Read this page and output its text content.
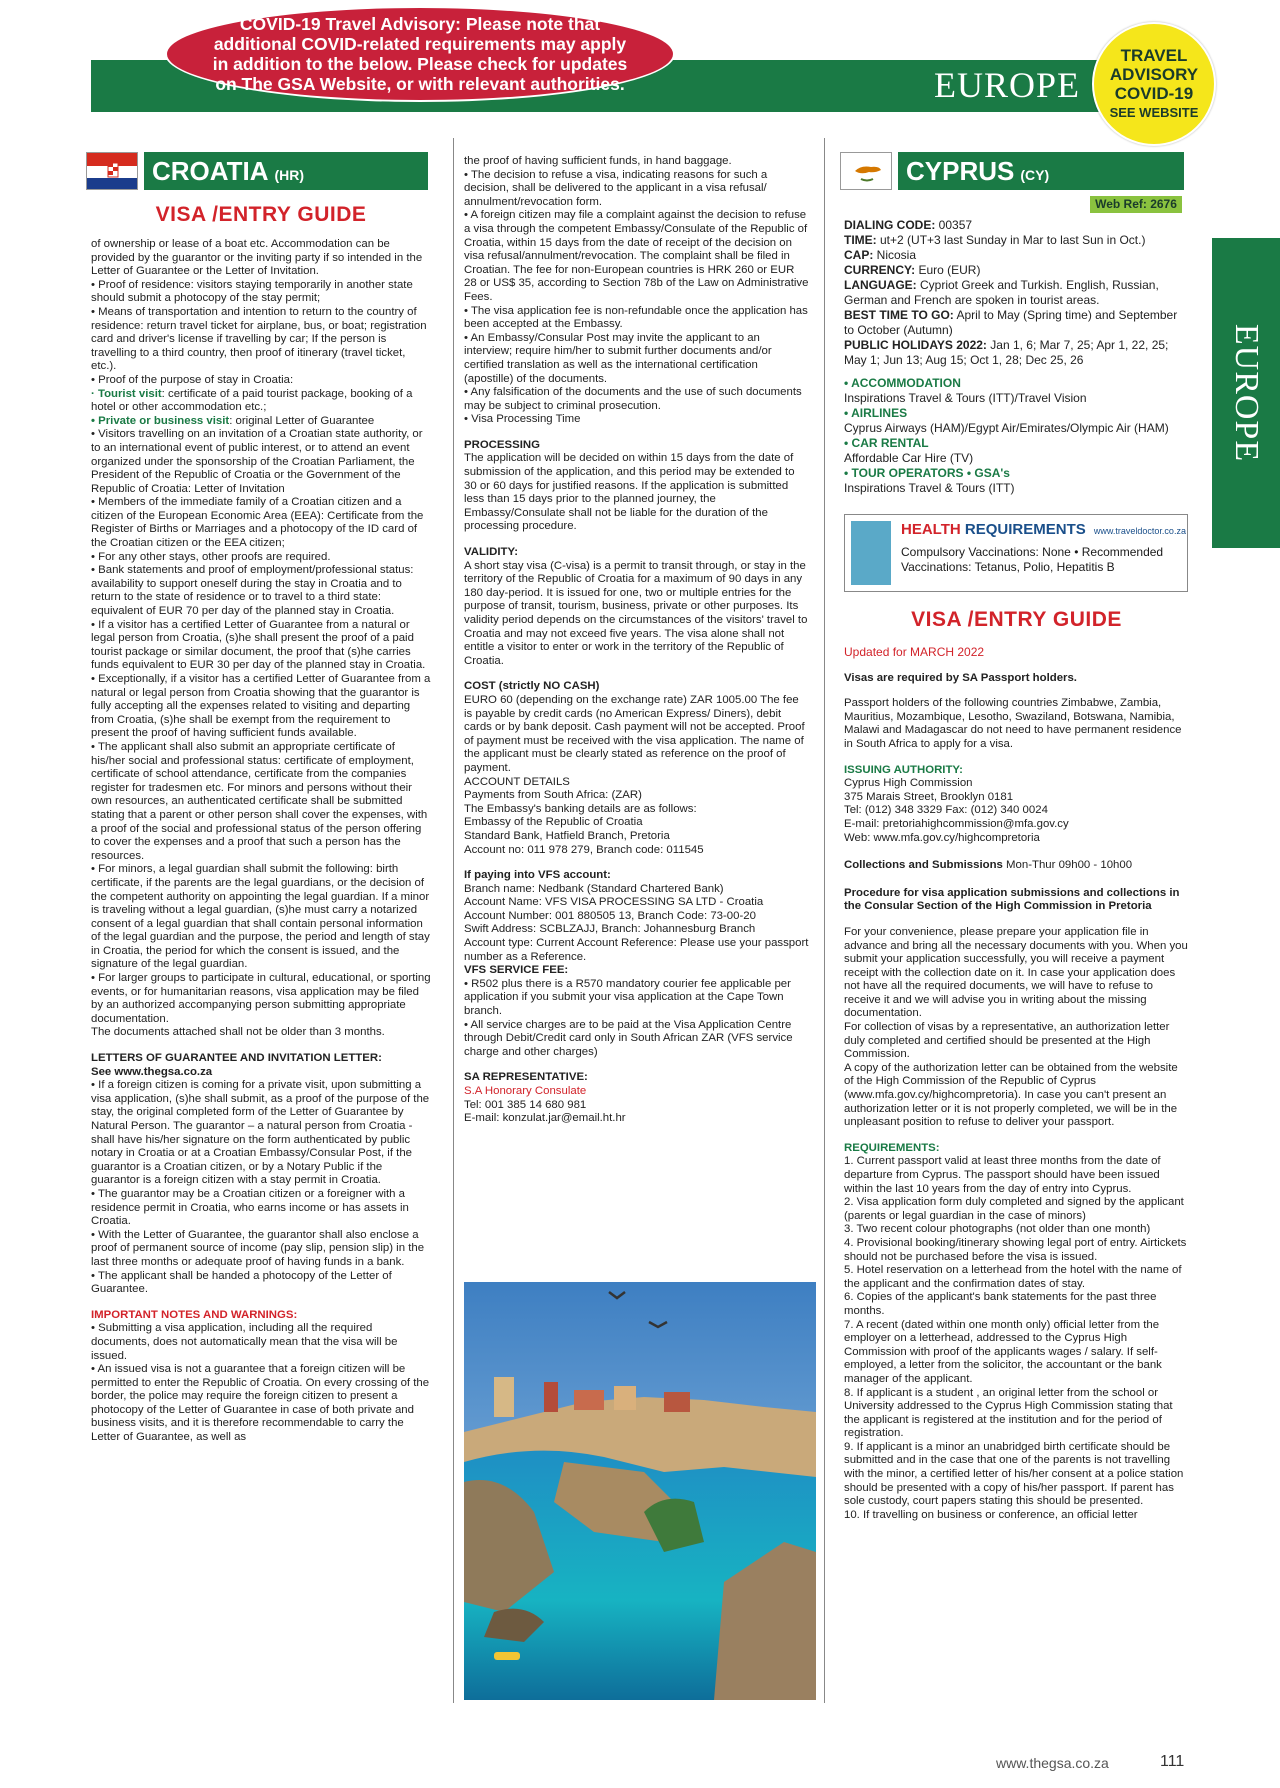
EUROPE
COVID-19 Travel Advisory: Please note that additional COVID-related requirements may apply in addition to the below. Please check for updates on The GSA Website, or with relevant authorities.
TRAVEL
ADVISORY
COVID-19
SEE WEBSITE
EUROPE
CROATIA (HR)
VISA /ENTRY GUIDE

of ownership or lease of a boat etc. Accommodation can be provided by the guarantor or the inviting party if so intended in the Letter of Guarantee or the Letter of Invitation.

• Proof of residence: visitors staying temporarily in another state should submit a photocopy of the stay permit;

• Means of transportation and intention to return to the country of residence: return travel ticket for airplane, bus, or boat; registration card and driver's license if travelling by car; If the person is travelling to a third country, then proof of itinerary (travel ticket, etc.).

• Proof of the purpose of stay in Croatia:

· Tourist visit: certificate of a paid tourist package, booking of a hotel or other accommodation etc.;

• Private or business visit: original Letter of Guarantee

• Visitors travelling on an invitation of a Croatian state authority, or to an international event of public interest, or to attend an event organized under the sponsorship of the Croatian Parliament, the President of the Republic of Croatia or the Government of the Republic of Croatia: Letter of Invitation

• Members of the immediate family of a Croatian citizen and a citizen of the European Economic Area (EEA): Certificate from the Register of Births or Marriages and a photocopy of the ID card of the Croatian citizen or the EEA citizen;

• For any other stays, other proofs are required.

• Bank statements and proof of employment/professional status: availability to support oneself during the stay in Croatia and to return to the state of residence or to travel to a third state: equivalent of EUR 70 per day of the planned stay in Croatia.

• If a visitor has a certified Letter of Guarantee from a natural or legal person from Croatia, (s)he shall present the proof of a paid tourist package or similar document, the proof that (s)he carries funds equivalent to EUR 30 per day of the planned stay in Croatia.

• Exceptionally, if a visitor has a certified Letter of Guarantee from a natural or legal person from Croatia showing that the guarantor is fully accepting all the expenses related to visiting and departing from Croatia, (s)he shall be exempt from the requirement to present the proof of having sufficient funds available.

• The applicant shall also submit an appropriate certificate of his/her social and professional status: certificate of employment, certificate of school attendance, certificate from the companies register for tradesmen etc. For minors and persons without their own resources, an authenticated certificate shall be submitted stating that a parent or other person shall cover the expenses, with a proof of the social and professional status of the person offering to cover the expenses and a proof that such a person has the resources.

• For minors, a legal guardian shall submit the following: birth certificate, if the parents are the legal guardians, or the decision of the competent authority on appointing the legal guardian. If a minor is traveling without a legal guardian, (s)he must carry a notarized consent of a legal guardian that shall contain personal information of the legal guardian and the purpose, the period and length of stay in Croatia, the period for which the consent is issued, and the signature of the legal guardian.

• For larger groups to participate in cultural, educational, or sporting events, or for humanitarian reasons, visa application may be filed by an authorized accompanying person submitting appropriate documentation.

The documents attached shall not be older than 3 months.

LETTERS OF GUARANTEE AND INVITATION LETTER:

See www.thegsa.co.za

• If a foreign citizen is coming for a private visit, upon submitting a visa application, (s)he shall submit, as a proof of the purpose of the stay, the original completed form of the Letter of Guarantee by Natural Person. The guarantor – a natural person from Croatia - shall have his/her signature on the form authenticated by public notary in Croatia or at a Croatian Embassy/Consular Post, if the guarantor is a Croatian citizen, or by a Notary Public if the guarantor is a foreign citizen with a stay permit in Croatia.

• The guarantor may be a Croatian citizen or a foreigner with a residence permit in Croatia, who earns income or has assets in Croatia.

• With the Letter of Guarantee, the guarantor shall also enclose a proof of permanent source of income (pay slip, pension slip) in the last three months or adequate proof of having funds in a bank.

• The applicant shall be handed a photocopy of the Letter of Guarantee.

IMPORTANT NOTES AND WARNINGS:

• Submitting a visa application, including all the required documents, does not automatically mean that the visa will be issued.

• An issued visa is not a guarantee that a foreign citizen will be permitted to enter the Republic of Croatia. On every crossing of the border, the police may require the foreign citizen to present a photocopy of the Letter of Guarantee in case of both private and business visits, and it is therefore recommendable to carry the Letter of Guarantee, as well as

the proof of having sufficient funds, in hand baggage.

• The decision to refuse a visa, indicating reasons for such a decision, shall be delivered to the applicant in a visa refusal/ annulment/revocation form.

• A foreign citizen may file a complaint against the decision to refuse a visa through the competent Embassy/Consulate of the Republic of Croatia, within 15 days from the date of receipt of the decision on visa refusal/annulment/revocation. The complaint shall be filed in Croatian. The fee for non-European countries is HRK 260 or EUR 28 or US$ 35, according to Section 78b of the Law on Administrative Fees.

• The visa application fee is non-refundable once the application has been accepted at the Embassy.

• An Embassy/Consular Post may invite the applicant to an interview; require him/her to submit further documents and/or certified translation as well as the international certification (apostille) of the documents.

• Any falsification of the documents and the use of such documents may be subject to criminal prosecution.

• Visa Processing Time

PROCESSING

The application will be decided on within 15 days from the date of submission of the application, and this period may be extended to 30 or 60 days for justified reasons. If the application is submitted less than 15 days prior to the planned journey, the Embassy/Consulate shall not be liable for the duration of the processing procedure.

VALIDITY:

A short stay visa (C-visa) is a permit to transit through, or stay in the territory of the Republic of Croatia for a maximum of 90 days in any 180 day-period. It is issued for one, two or multiple entries for the purpose of transit, tourism, business, private or other purposes. Its validity period depends on the circumstances of the visitors' travel to Croatia and may not exceed five years. The visa alone shall not entitle a visitor to enter or work in the territory of the Republic of Croatia.

COST (strictly NO CASH)

EURO 60 (depending on the exchange rate) ZAR 1005.00 The fee is payable by credit cards (no American Express/ Diners), debit cards or by bank deposit. Cash payment will not be accepted. Proof of payment must be received with the visa application. The name of the applicant must be clearly stated as reference on the proof of payment.

ACCOUNT DETAILS

Payments from South Africa: (ZAR)

The Embassy's banking details are as follows:

Embassy of the Republic of Croatia

Standard Bank, Hatfield Branch, Pretoria

Account no: 011 978 279, Branch code: 011545

If paying into VFS account:

Branch name: Nedbank (Standard Chartered Bank)

Account Name: VFS VISA PROCESSING SA LTD - Croatia

Account Number: 001 880505 13, Branch Code: 73-00-20

Swift Address: SCBLZAJJ, Branch: Johannesburg Branch

Account type: Current Account Reference: Please use your passport number as a Reference.

VFS SERVICE FEE:

• R502 plus there is a R570 mandatory courier fee applicable per application if you submit your visa application at the Cape Town branch.

• All service charges are to be paid at the Visa Application Centre through Debit/Credit card only in South African ZAR (VFS service charge and other charges)

SA REPRESENTATIVE:

S.A Honorary Consulate

Tel: 001 385 14 680 981

E-mail: konzulat.jar@email.ht.hr

CYPRUS (CY)
Web Ref: 2676

DIALING CODE: 00357

TIME: ut+2 (UT+3 last Sunday in Mar to last Sun in Oct.)

CAP: Nicosia

CURRENCY: Euro (EUR)

LANGUAGE: Cypriot Greek and Turkish. English, Russian, German and French are spoken in tourist areas.

BEST TIME TO GO: April to May (Spring time) and September to October (Autumn)

PUBLIC HOLIDAYS 2022: Jan 1, 6; Mar 7, 25; Apr 1, 22, 25; May 1; Jun 13; Aug 15; Oct 1, 28; Dec 25, 26

• ACCOMMODATION

Inspirations Travel & Tours (ITT)/Travel Vision

• AIRLINES

Cyprus Airways (HAM)/Egypt Air/Emirates/Olympic Air (HAM)

• CAR RENTAL

Affordable Car Hire (TV)

• TOUR OPERATORS • GSA's

Inspirations Travel & Tours (ITT)

HEALTH REQUIREMENTS www.traveldoctor.co.za
Compulsory Vaccinations: None • Recommended Vaccinations: Tetanus, Polio, Hepatitis B
VISA /ENTRY GUIDE

Updated for MARCH 2022

Visas are required by SA Passport holders.

Passport holders of the following countries Zimbabwe, Zambia, Mauritius, Mozambique, Lesotho, Swaziland, Botswana, Namibia, Malawi and Madagascar do not need to have permanent residence in South Africa to apply for a visa.

ISSUING AUTHORITY:

Cyprus High Commission

375 Marais Street, Brooklyn 0181

Tel: (012) 348 3329 Fax: (012) 340 0024

E-mail: pretoriahighcommission@mfa.gov.cy

Web: www.mfa.gov.cy/highcompretoria

Collections and Submissions Mon-Thur 09h00 - 10h00

Procedure for visa application submissions and collections in the Consular Section of the High Commission in Pretoria

For your convenience, please prepare your application file in advance and bring all the necessary documents with you. When you submit your application successfully, you will receive a payment receipt with the collection date on it. In case your application does not have all the required documents, we will have to refuse to receive it and we will advise you in writing about the missing documentation.

For collection of visas by a representative, an authorization letter duly completed and certified should be presented at the High Commission.

A copy of the authorization letter can be obtained from the website of the High Commission of the Republic of Cyprus (www.mfa.gov.cy/highcompretoria). In case you can't present an authorization letter or it is not properly completed, we will be in the unpleasant position to refuse to deliver your passport.

REQUIREMENTS:

1. Current passport valid at least three months from the date of departure from Cyprus. The passport should have been issued within the last 10 years from the day of entry into Cyprus.

2. Visa application form duly completed and signed by the applicant (parents or legal guardian in the case of minors)

3. Two recent colour photographs (not older than one month)

4. Provisional booking/itinerary showing legal port of entry. Airtickets should not be purchased before the visa is issued.

5. Hotel reservation on a letterhead from the hotel with the name of the applicant and the confirmation dates of stay.

6. Copies of the applicant's bank statements for the past three months.

7. A recent (dated within one month only) official letter from the employer on a letterhead, addressed to the Cyprus High Commission with proof of the applicants wages / salary. If self-employed, a letter from the solicitor, the accountant or the bank manager of the applicant.

8. If applicant is a student , an original letter from the school or University addressed to the Cyprus High Commission stating that the applicant is registered at the institution and for the period of registration.

9. If applicant is a minor an unabridged birth certificate should be submitted and in the case that one of the parents is not travelling with the minor, a certified letter of his/her consent at a police station should be presented with a copy of his/her passport. If parent has sole custody, court papers stating this should be presented.

10. If travelling on business or conference, an official letter

www.thegsa.co.za	111
